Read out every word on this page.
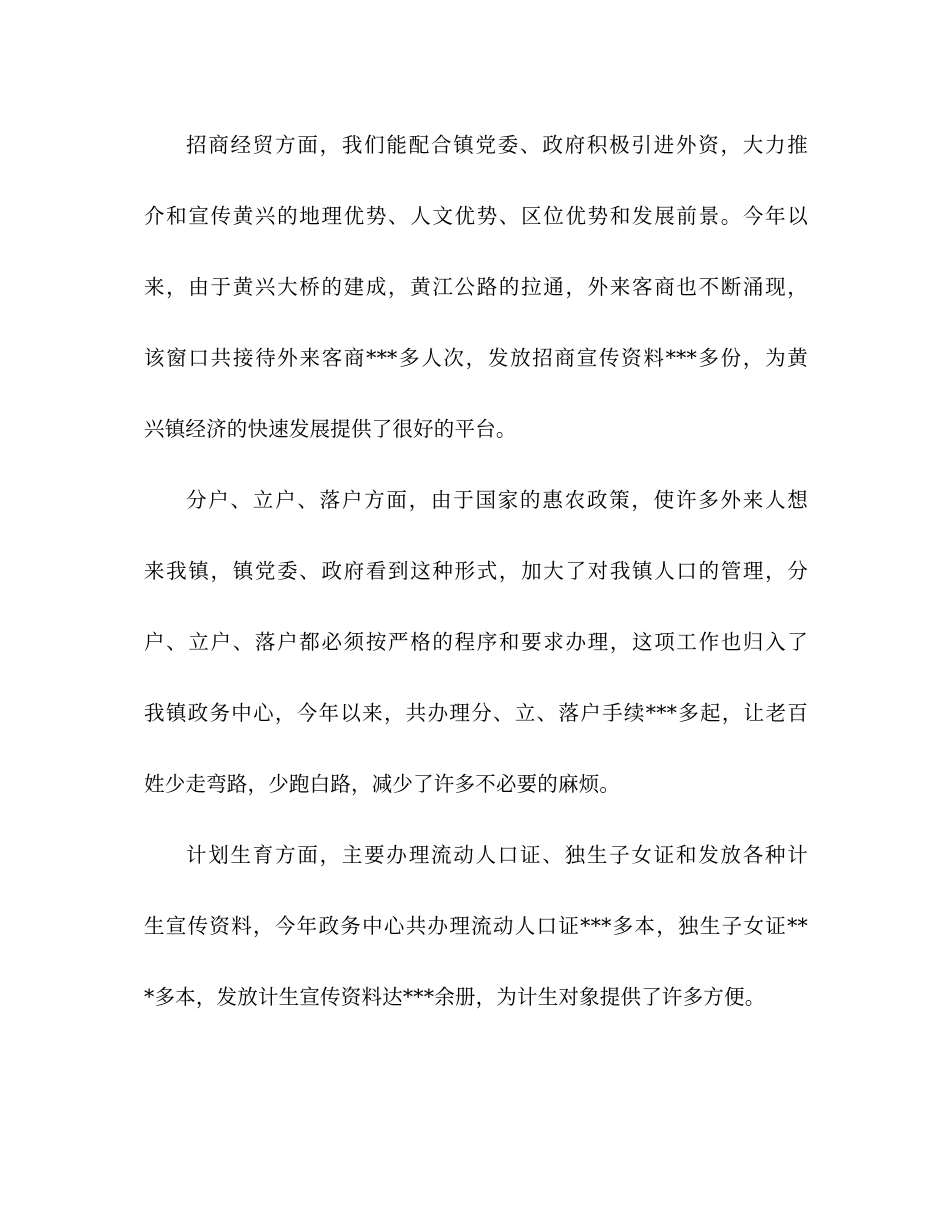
招商经贸方面，我们能配合镇党委、政府积极引进外资，大力推
介和宣传黄兴的地理优势、人文优势、区位优势和发展前景。今年以
来，由于黄兴大桥的建成，黄江公路的拉通，外来客商也不断涌现，
该窗口共接待外来客商***多人次，发放招商宣传资料***多份，为黄
兴镇经济的快速发展提供了很好的平台。
分户、立户、落户方面，由于国家的惠农政策，使许多外来人想
来我镇，镇党委、政府看到这种形式，加大了对我镇人口的管理，分
户、立户、落户都必须按严格的程序和要求办理，这项工作也归入了
我镇政务中心，今年以来，共办理分、立、落户手续***多起，让老百
姓少走弯路，少跑白路，减少了许多不必要的麻烦。
计划生育方面，主要办理流动人口证、独生子女证和发放各种计
生宣传资料，今年政务中心共办理流动人口证***多本，独生子女证**
*多本，发放计生宣传资料达***余册，为计生对象提供了许多方便。
